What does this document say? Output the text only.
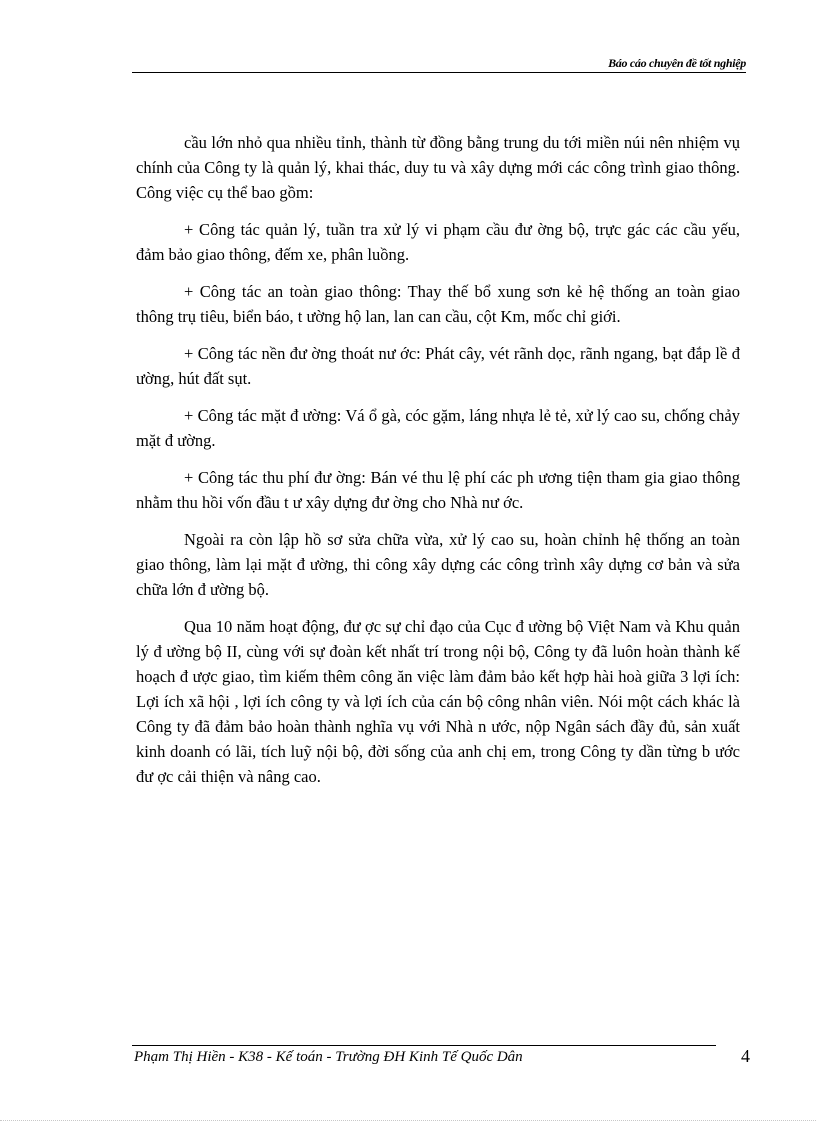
Báo cáo chuyên đề tốt nghiệp

cầu lớn nhỏ qua nhiều tỉnh, thành từ đồng bằng trung du tới miền núi nên nhiệm vụ chính của Công ty là quản lý, khai thác, duy tu và xây dựng mới các công trình giao thông. Công việc cụ thể bao gồm:

+ Công tác quản lý, tuần tra xử lý vi phạm cầu đư ờng bộ, trực gác các cầu yếu, đảm bảo giao thông, đếm xe, phân luồng.

+ Công tác an toàn giao thông: Thay thế bổ xung sơn kẻ hệ thống an toàn giao thông trụ tiêu, biển báo, t ường hộ lan, lan can cầu, cột Km, mốc chỉ giới.

+ Công tác nền đư ờng thoát nư ớc: Phát cây, vét rãnh dọc, rãnh ngang, bạt đắp lề đ ường, hút đất sụt.

+ Công tác mặt đ ường: Vá ổ gà, cóc gặm, láng nhựa lẻ tẻ, xử lý cao su, chống chảy mặt đ ường.

+ Công tác thu phí đư ờng: Bán vé thu lệ phí các ph ương tiện tham gia giao thông nhằm thu hồi vốn đầu t ư xây dựng đư ờng cho Nhà nư ớc.

Ngoài ra còn lập hồ sơ sửa chữa vừa, xử lý cao su, hoàn chỉnh hệ thống an toàn giao thông, làm lại mặt đ ường, thi công xây dựng các công trình xây dựng cơ bản và sửa chữa lớn đ ường bộ.

Qua 10 năm hoạt động, đư ợc sự chỉ đạo của Cục đ ường bộ Việt Nam và Khu quản lý đ ường bộ II, cùng với sự đoàn kết nhất trí trong nội bộ, Công ty đã luôn hoàn thành kế hoạch đ ược giao, tìm kiếm thêm công ăn việc làm đảm bảo kết hợp hài hoà giữa 3 lợi ích: Lợi ích xã hội , lợi ích công ty và lợi ích của cán bộ công nhân viên. Nói một cách khác là Công ty đã đảm bảo hoàn thành nghĩa vụ với Nhà n ước, nộp Ngân sách đầy đủ, sản xuất kinh doanh có lãi, tích luỹ nội bộ, đời sống của anh chị em, trong Công ty dần từng b ước đư ợc cải thiện và nâng cao.

Phạm Thị Hiền - K38 - Kế toán - Trường ĐH Kinh Tế Quốc Dân	4
